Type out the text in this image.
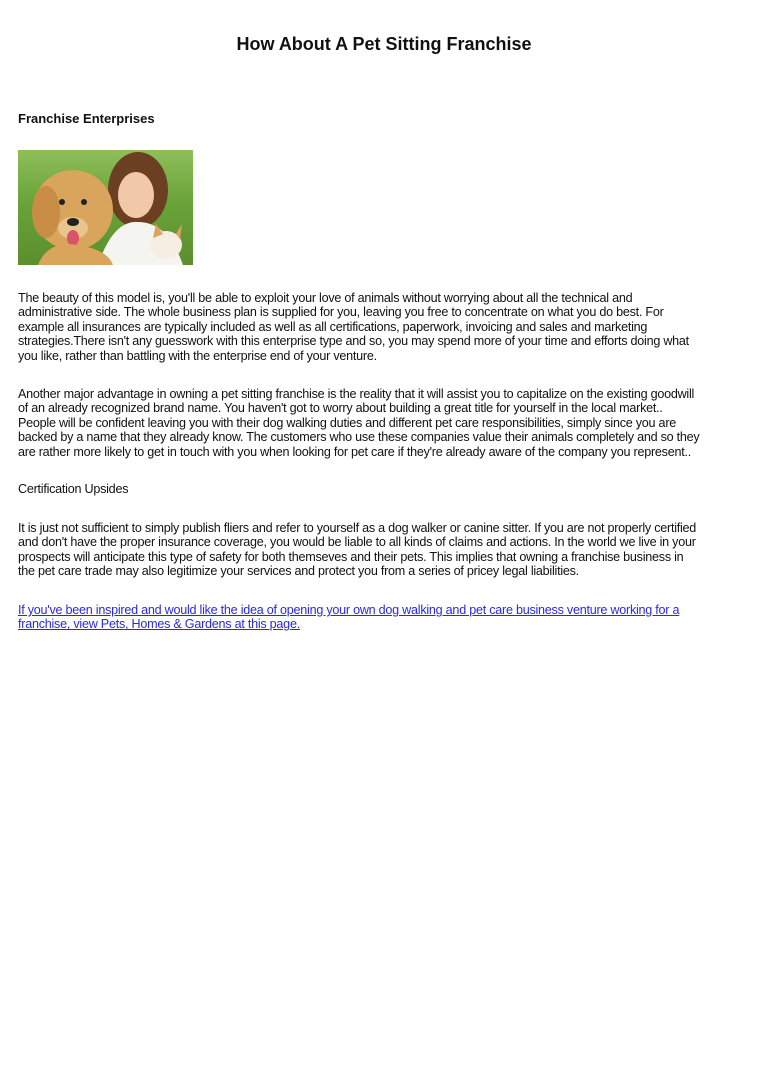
How About A Pet Sitting Franchise
Franchise Enterprises
The beauty of this model is, you'll be able to exploit your love of animals without worrying about all the technical and
administrative side. The whole business plan is supplied for you, leaving you free to concentrate on what you do best. For
example all insurances are typically included as well as all certifications, paperwork, invoicing and sales and marketing
strategies.There isn't any guesswork with this enterprise type and so, you may spend more of your time and efforts doing what
you like, rather than battling with the enterprise end of your venture.
Another major advantage in owning a pet sitting franchise is the reality that it will assist you to capitalize on the existing goodwill
of an already recognized brand name. You haven't got to worry about building a great title for yourself in the local market..
People will be confident leaving you with their dog walking duties and different pet care responsibilities, simply since you are
backed by a name that they already know. The customers who use these companies value their animals completely and so they
are rather more likely to get in touch with you when looking for pet care if they're already aware of the company you represent..
Certification Upsides
It is just not sufficient to simply publish fliers and refer to yourself as a dog walker or canine sitter. If you are not properly certified
and don't have the proper insurance coverage, you would be liable to all kinds of claims and actions. In the world we live in your
prospects will anticipate this type of safety for both themseves and their pets. This implies that owning a franchise business in
the pet care trade may also legitimize your services and protect you from a series of pricey legal liabilities.
If you've been inspired and would like the idea of opening your own dog walking and pet care business venture working for a
franchise, view Pets, Homes & Gardens at this page.
